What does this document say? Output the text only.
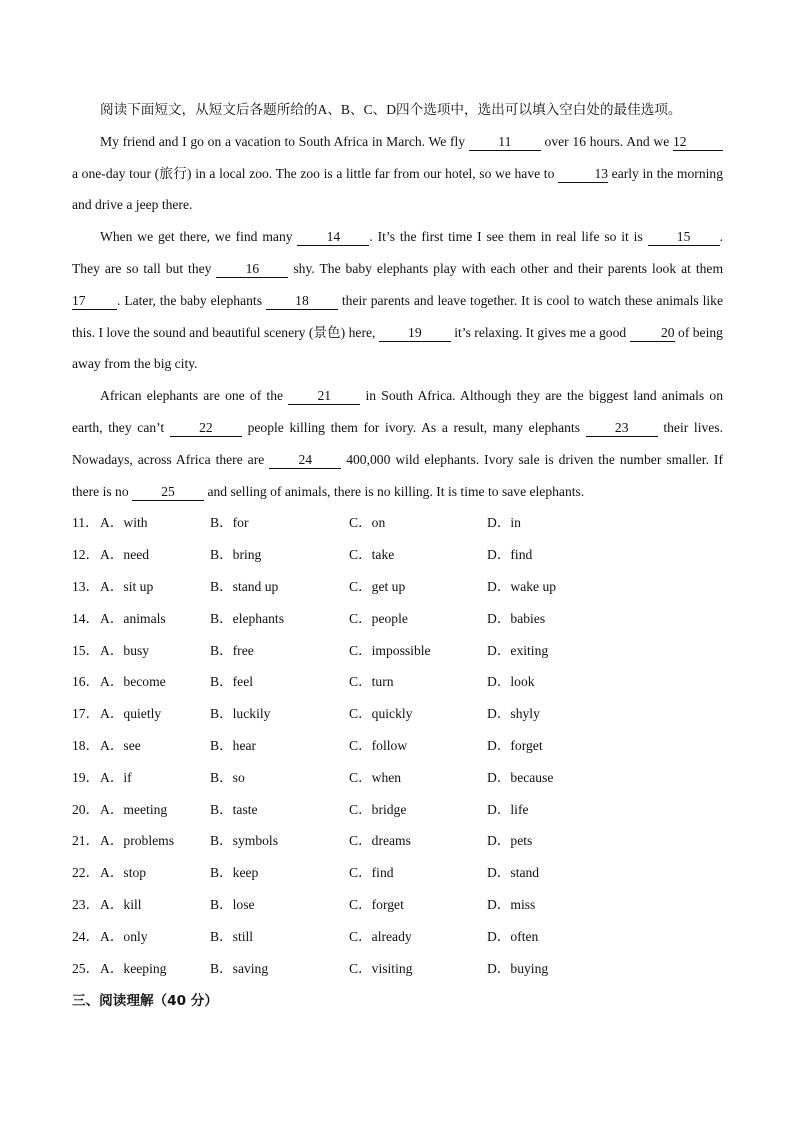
阅读下面短文，从短文后各题所给的A、B、C、D四个选项中，选出可以填入空白处的最佳选项。

My friend and I go on a vacation to South Africa in March. We fly 11 over 16 hours. And we 12 a one-day tour (旅行) in a local zoo. The zoo is a little far from our hotel, so we have to	13 early in the morning and drive a jeep there.

When we get there, we find many	14 . It’s the first time I see them in real life so it is	15 . They are so tall but they	16	shy. The baby elephants play with each other and their parents look at them 17 . Later, the baby elephants 18 their parents and leave together. It is cool to watch these animals like this. I love the sound and beautiful scenery (景色) here, 19 it’s relaxing. It gives me a good	20 of being away from the big city.

African elephants are one of the	21	in South Africa. Although they are the biggest land animals on earth, they can’t	22	people killing them for ivory. As a result, many elephants	23	their lives. Nowadays, across Africa there are	24	400,000 wild elephants. Ivory sale is driven the number smaller. If there is no 25 and selling of animals, there is no killing. It is time to save elephants.

11． A．with	B．for	C．on	D．in
12． A．need	B．bring	C．take	D．find
13． A．sit up	B．stand up	C．get up	D．wake up
14． A．animals	B．elephants	C．people	D．babies
15． A．busy	B．free	C．impossible	D．exiting
16． A．become	B．feel	C．turn	D．look
17． A．quietly	B．luckily	C．quickly	D．shyly
18． A．see	B．hear	C．follow	D．forget
19． A．if	B．so	C．when	D．because
20． A．meeting	B．taste	C．bridge	D．life
21． A．problems	B．symbols	C．dreams	D．pets
22． A．stop	B．keep	C．find	D．stand
23． A．kill	B．lose	C．forget	D．miss
24． A．only	B．still	C．already	D．often
25． A．keeping	B．saving	C．visiting	D．buying
三、阅读理解（40 分）
